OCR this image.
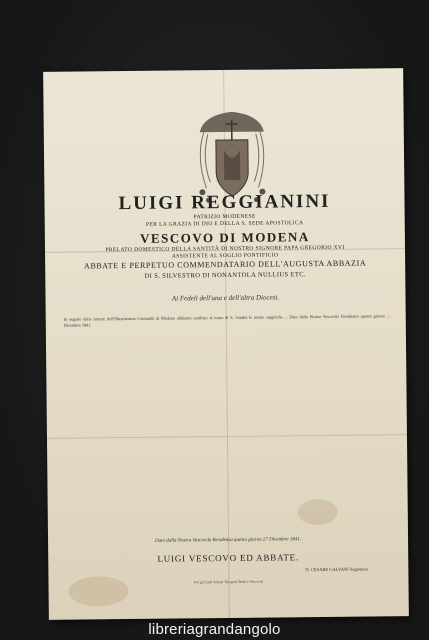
LUIGI REGGIANINI
PATRIZIO MODENESE
PER LA GRAZIA DI DIO E DELLA S. SEDE APOSTOLICA
VESCOVO DI MODENA
PRELATO DOMESTICO DELLA SANTITÀ DI NOSTRO SIGNORE PAPA GREGORIO XVI
ASSISTENTE AL SOGLIO PONTIFICIO
ABBATE E PERPETUO COMMENDATARIO DELL'AUGUSTA ABBAZIA
DI S. SILVESTRO DI NONANTOLA NULLIUS ETC.
Ai Fedeli dell'una e dell'altra Diocesi.
In seguito delle istanze dell'Illustrissima Comunità di Modena abbiamo umiliato al trono di S. Santità le nostre suppliche ... Dato dalla Nostra Vescovile Residenza questo giorno ... Dicembre 1841.
Dato dalla Nostra Vescovile Residenza questo giorno 27 Dicembre 1841.
LUIGI VESCOVO ED ABBATE.
D. CESARE GALVANI Segretario
Per gli Eredi Soliani Tipografi Reali e Vescovili
libreriagrandangolo
